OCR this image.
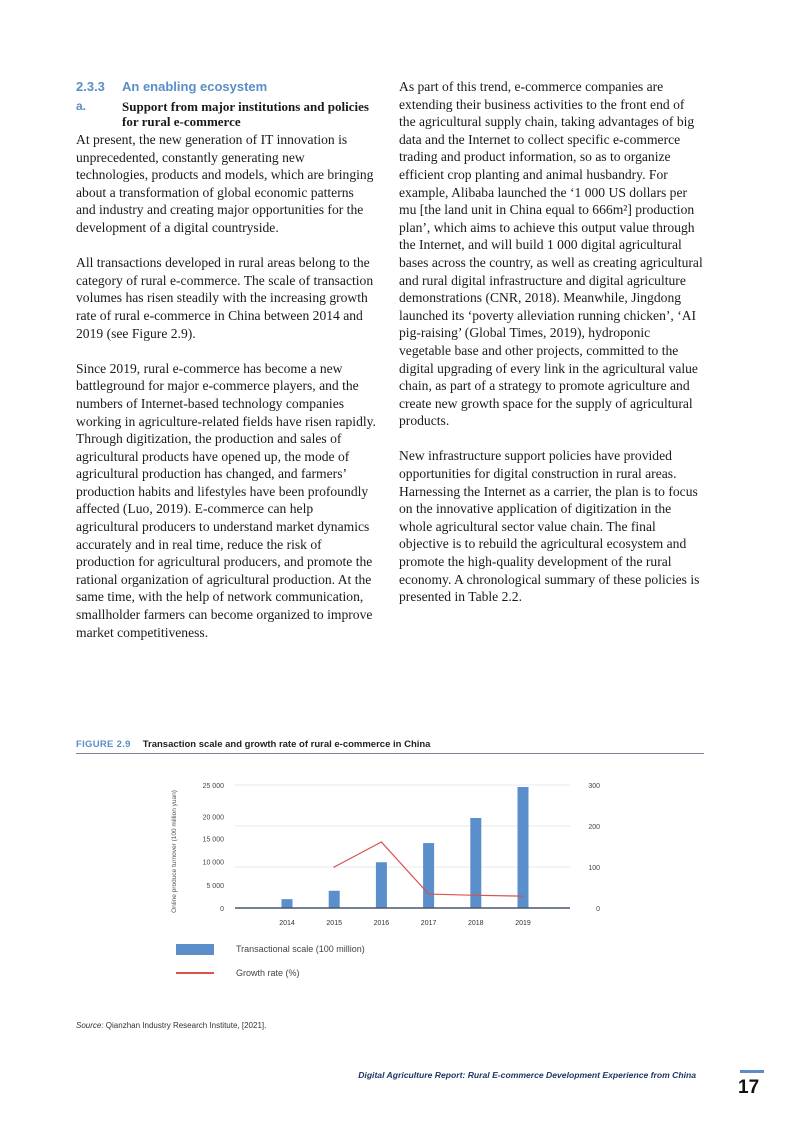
2.3.3 An enabling ecosystem
a.	Support from major institutions and policies for rural e-commerce

At present, the new generation of IT innovation is unprecedented, constantly generating new technologies, products and models, which are bringing about a transformation of global economic patterns and industry and creating major opportunities for the development of a digital countryside.

All transactions developed in rural areas belong to the category of rural e-commerce. The scale of transaction volumes has risen steadily with the increasing growth rate of rural e-commerce in China between 2014 and 2019 (see Figure 2.9).

Since 2019, rural e-commerce has become a new battleground for major e-commerce players, and the numbers of Internet-based technology companies working in agriculture-related fields have risen rapidly. Through digitization, the production and sales of agricultural products have opened up, the mode of agricultural production has changed, and farmers’ production habits and lifestyles have been profoundly affected (Luo, 2019). E-commerce can help agricultural producers to understand market dynamics accurately and in real time, reduce the risk of production for agricultural producers, and promote the rational organization of agricultural production. At the same time, with the help of network communication, smallholder farmers can become organized to improve market competitiveness.

As part of this trend, e-commerce companies are extending their business activities to the front end of the agricultural supply chain, taking advantages of big data and the Internet to collect specific e-commerce trading and product information, so as to organize efficient crop planting and animal husbandry. For example, Alibaba launched the ‘1 000 US dollars per mu [the land unit in China equal to 666m²] production plan’, which aims to achieve this output value through the Internet, and will build 1 000 digital agricultural bases across the country, as well as creating agricultural and rural digital infrastructure and digital agriculture demonstrations (CNR, 2018). Meanwhile, Jingdong launched its ‘poverty alleviation running chicken’, ‘AI pig-raising’ (Global Times, 2019), hydroponic vegetable base and other projects, committed to the digital upgrading of every link in the agricultural value chain, as part of a strategy to promote agriculture and create new growth space for the supply of agricultural products.

New infrastructure support policies have provided opportunities for digital construction in rural areas. Harnessing the Internet as a carrier, the plan is to focus on the innovative application of digitization in the whole agricultural sector value chain. The final objective is to rebuild the agricultural ecosystem and promote the high-quality development of the rural economy. A chronological summary of these policies is presented in Table 2.2.

FIGURE 2.9 Transaction scale and growth rate of rural e-commerce in China
0
5 000
10 000
15 000
20 000
25 000
0
100
200
300
Online produce turnover (100 million yuan)
2014	2015	2016	2017	2018	2019
Transactional scale (100 million)
Growth rate (%)
Source: Qianzhan Industry Research Institute, [2021].
Digital Agriculture Report: Rural E-commerce Development Experience from China
17
